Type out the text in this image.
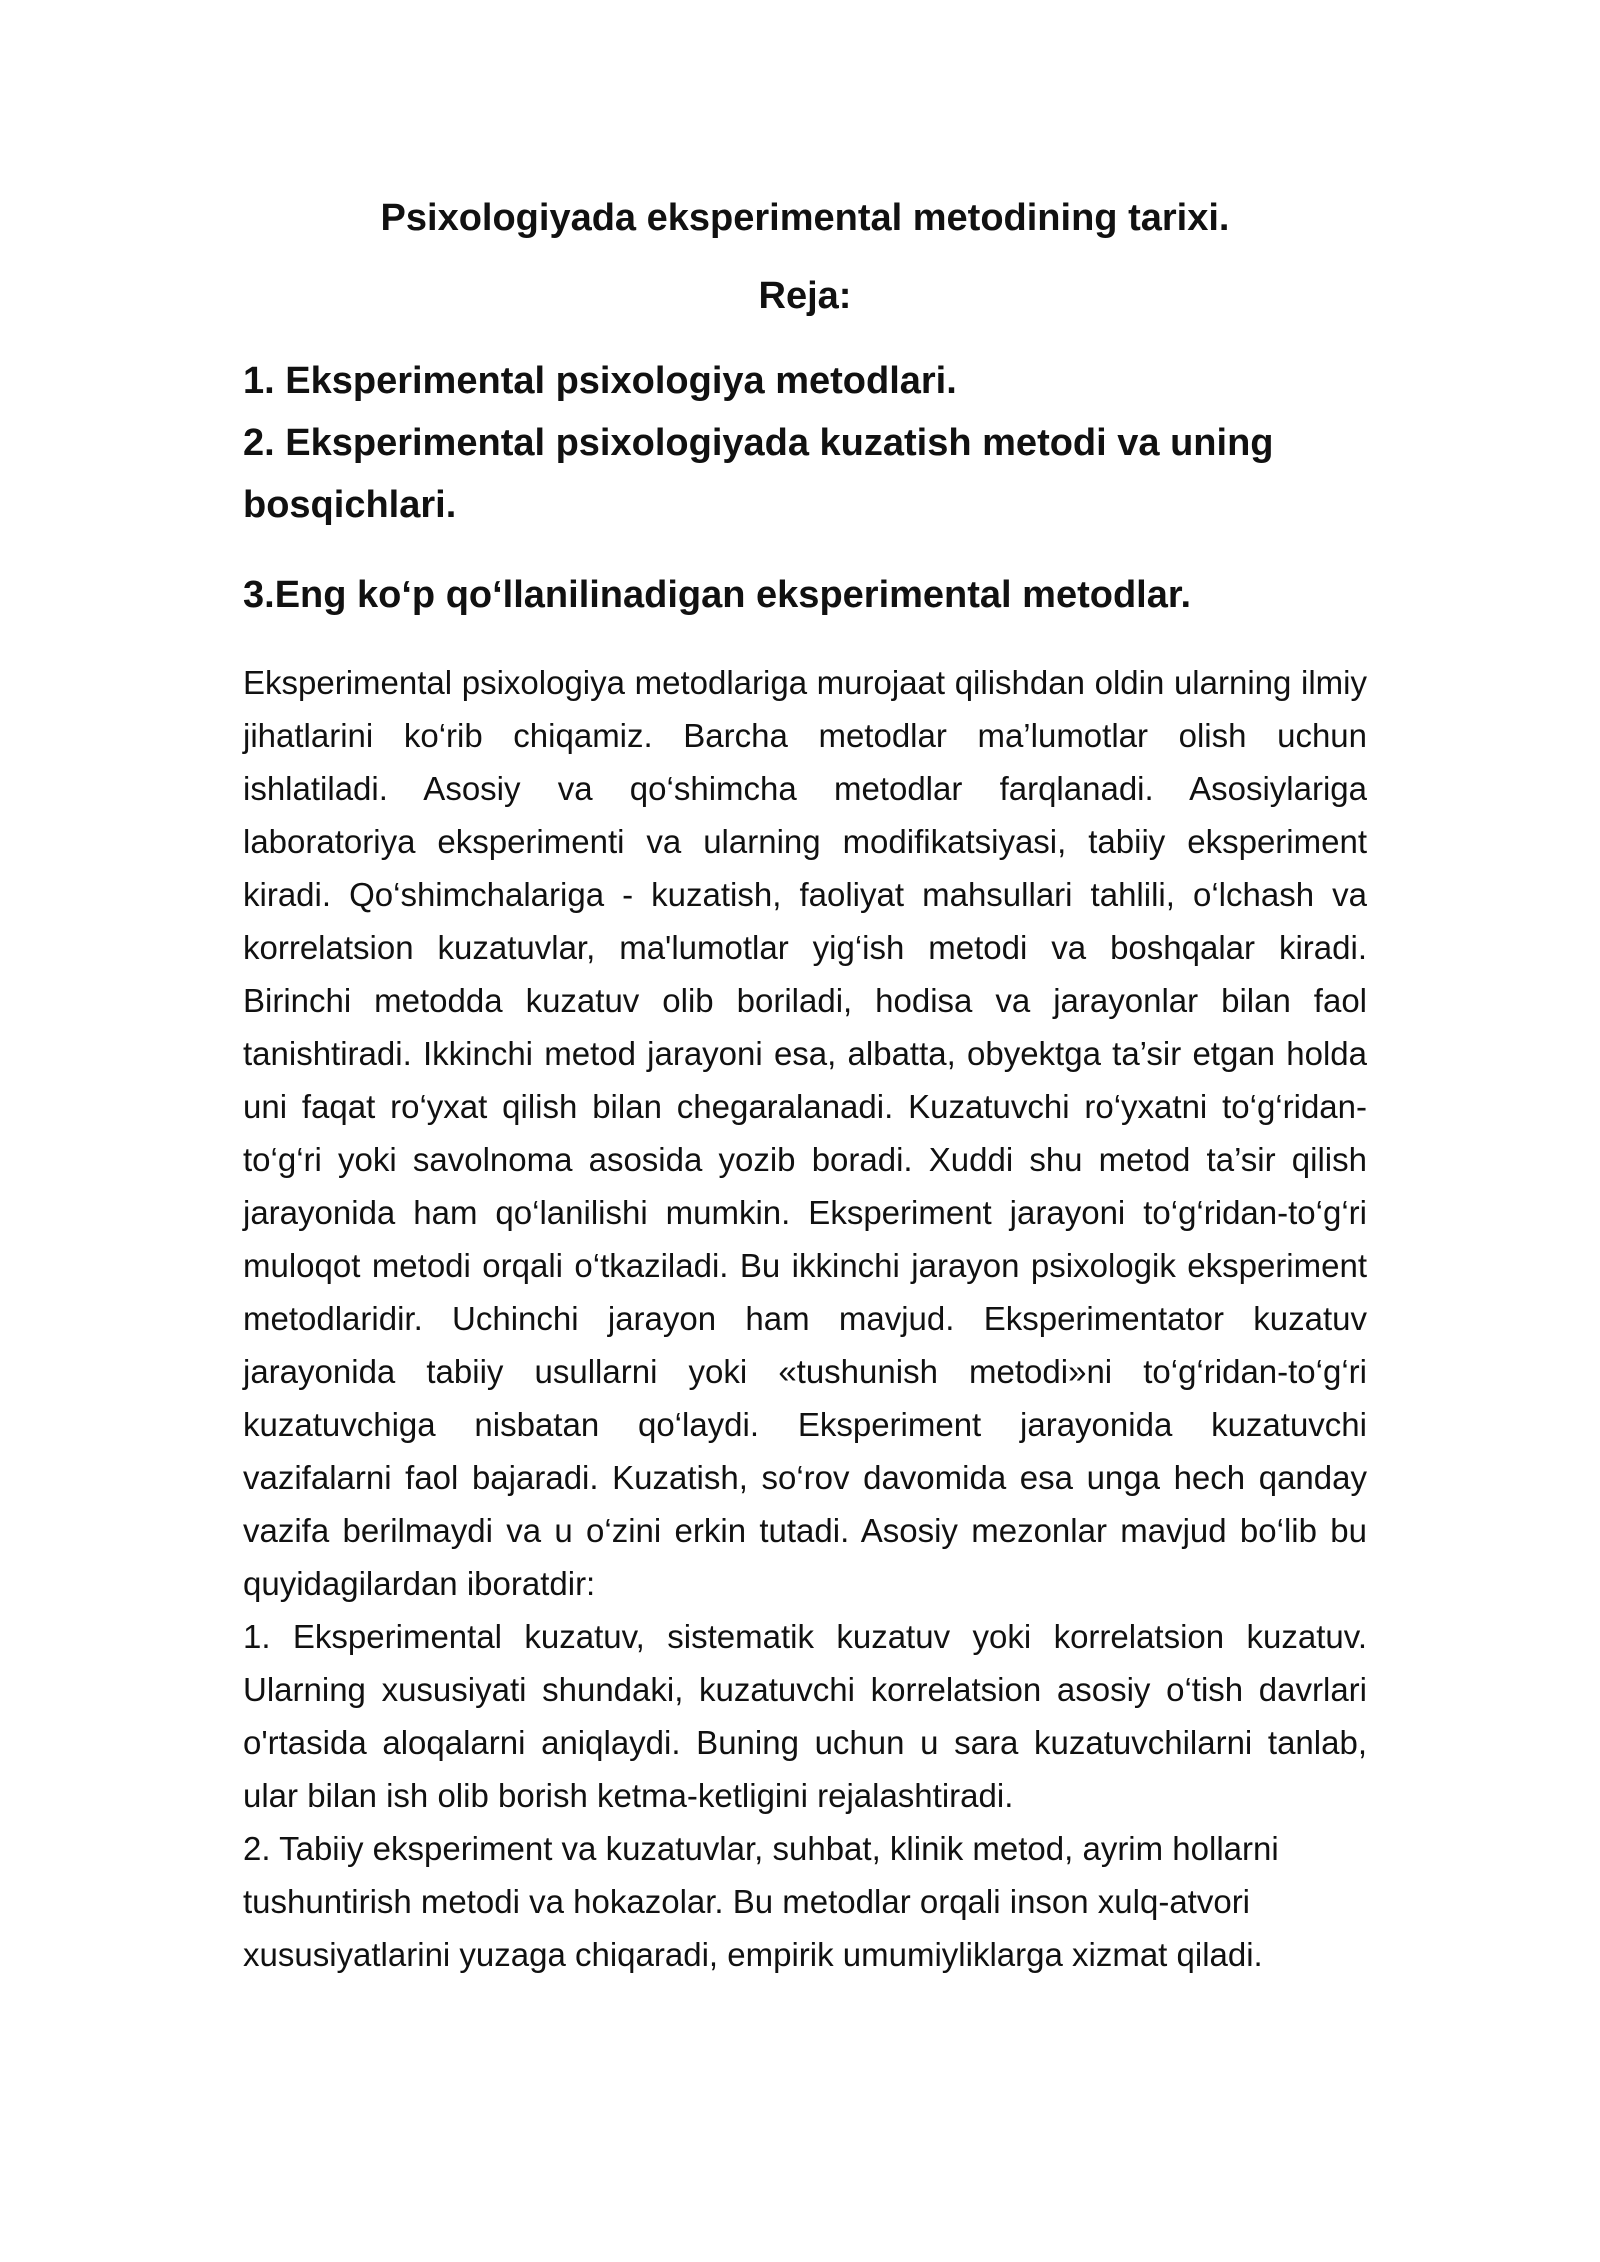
Psixologiyada eksperimental metodining tarixi.
Reja:
1. Eksperimental psixologiya metodlari.
2. Eksperimental psixologiyada kuzatish metodi va uning bosqichlari.
3.Eng ko‘p qo‘llanilinadigan eksperimental metodlar.

Eksperimental psixologiya metodlariga murojaat qilishdan oldin ularning ilmiy jihatlarini ko‘rib chiqamiz. Barcha metodlar ma’lumotlar olish uchun ishlatiladi. Asosiy va qo‘shimcha metodlar farqlanadi. Asosiylariga laboratoriya eksperimenti va ularning modifikatsiyasi, tabiiy eksperiment kiradi. Qo‘shimchalariga - kuzatish, faoliyat mahsullari tahlili, o‘lchash va korrelatsion kuzatuvlar, ma'lumotlar yig‘ish metodi va boshqalar kiradi. Birinchi metodda kuzatuv olib boriladi, hodisa va jarayonlar bilan faol tanishtiradi. Ikkinchi metod jarayoni esa, albatta, obyektga ta’sir etgan holda uni faqat ro‘yxat qilish bilan chegaralanadi. Kuzatuvchi ro‘yxatni to‘g‘ridan-to‘g‘ri yoki savolnoma asosida yozib boradi. Xuddi shu metod ta’sir qilish jarayonida ham qo‘lanilishi mumkin. Eksperiment jarayoni to‘g‘ridan-to‘g‘ri muloqot metodi orqali o‘tkaziladi. Bu ikkinchi jarayon psixologik eksperiment metodlaridir. Uchinchi jarayon ham mavjud. Eksperimentator kuzatuv jarayonida tabiiy usullarni yoki «tushunish metodi»ni to‘g‘ridan-to‘g‘ri kuzatuvchiga nisbatan qo‘laydi. Eksperiment jarayonida kuzatuvchi vazifalarni faol bajaradi. Kuzatish, so‘rov davomida esa unga hech qanday vazifa berilmaydi va u o‘zini erkin tutadi. Asosiy mezonlar mavjud bo‘lib bu quyidagilardan iboratdir:

1. Eksperimental kuzatuv, sistematik kuzatuv yoki korrelatsion kuzatuv. Ularning xususiyati shundaki, kuzatuvchi korrelatsion asosiy o‘tish davrlari o'rtasida aloqalarni aniqlaydi. Buning uchun u sara kuzatuvchilarni tanlab, ular bilan ish olib borish ketma-ketligini rejalashtiradi.

2. Tabiiy eksperiment va kuzatuvlar, suhbat, klinik metod, ayrim hollarni tushuntirish metodi va hokazolar. Bu metodlar orqali inson xulq-atvori xususiyatlarini yuzaga chiqaradi, empirik umumiyliklarga xizmat qiladi.
